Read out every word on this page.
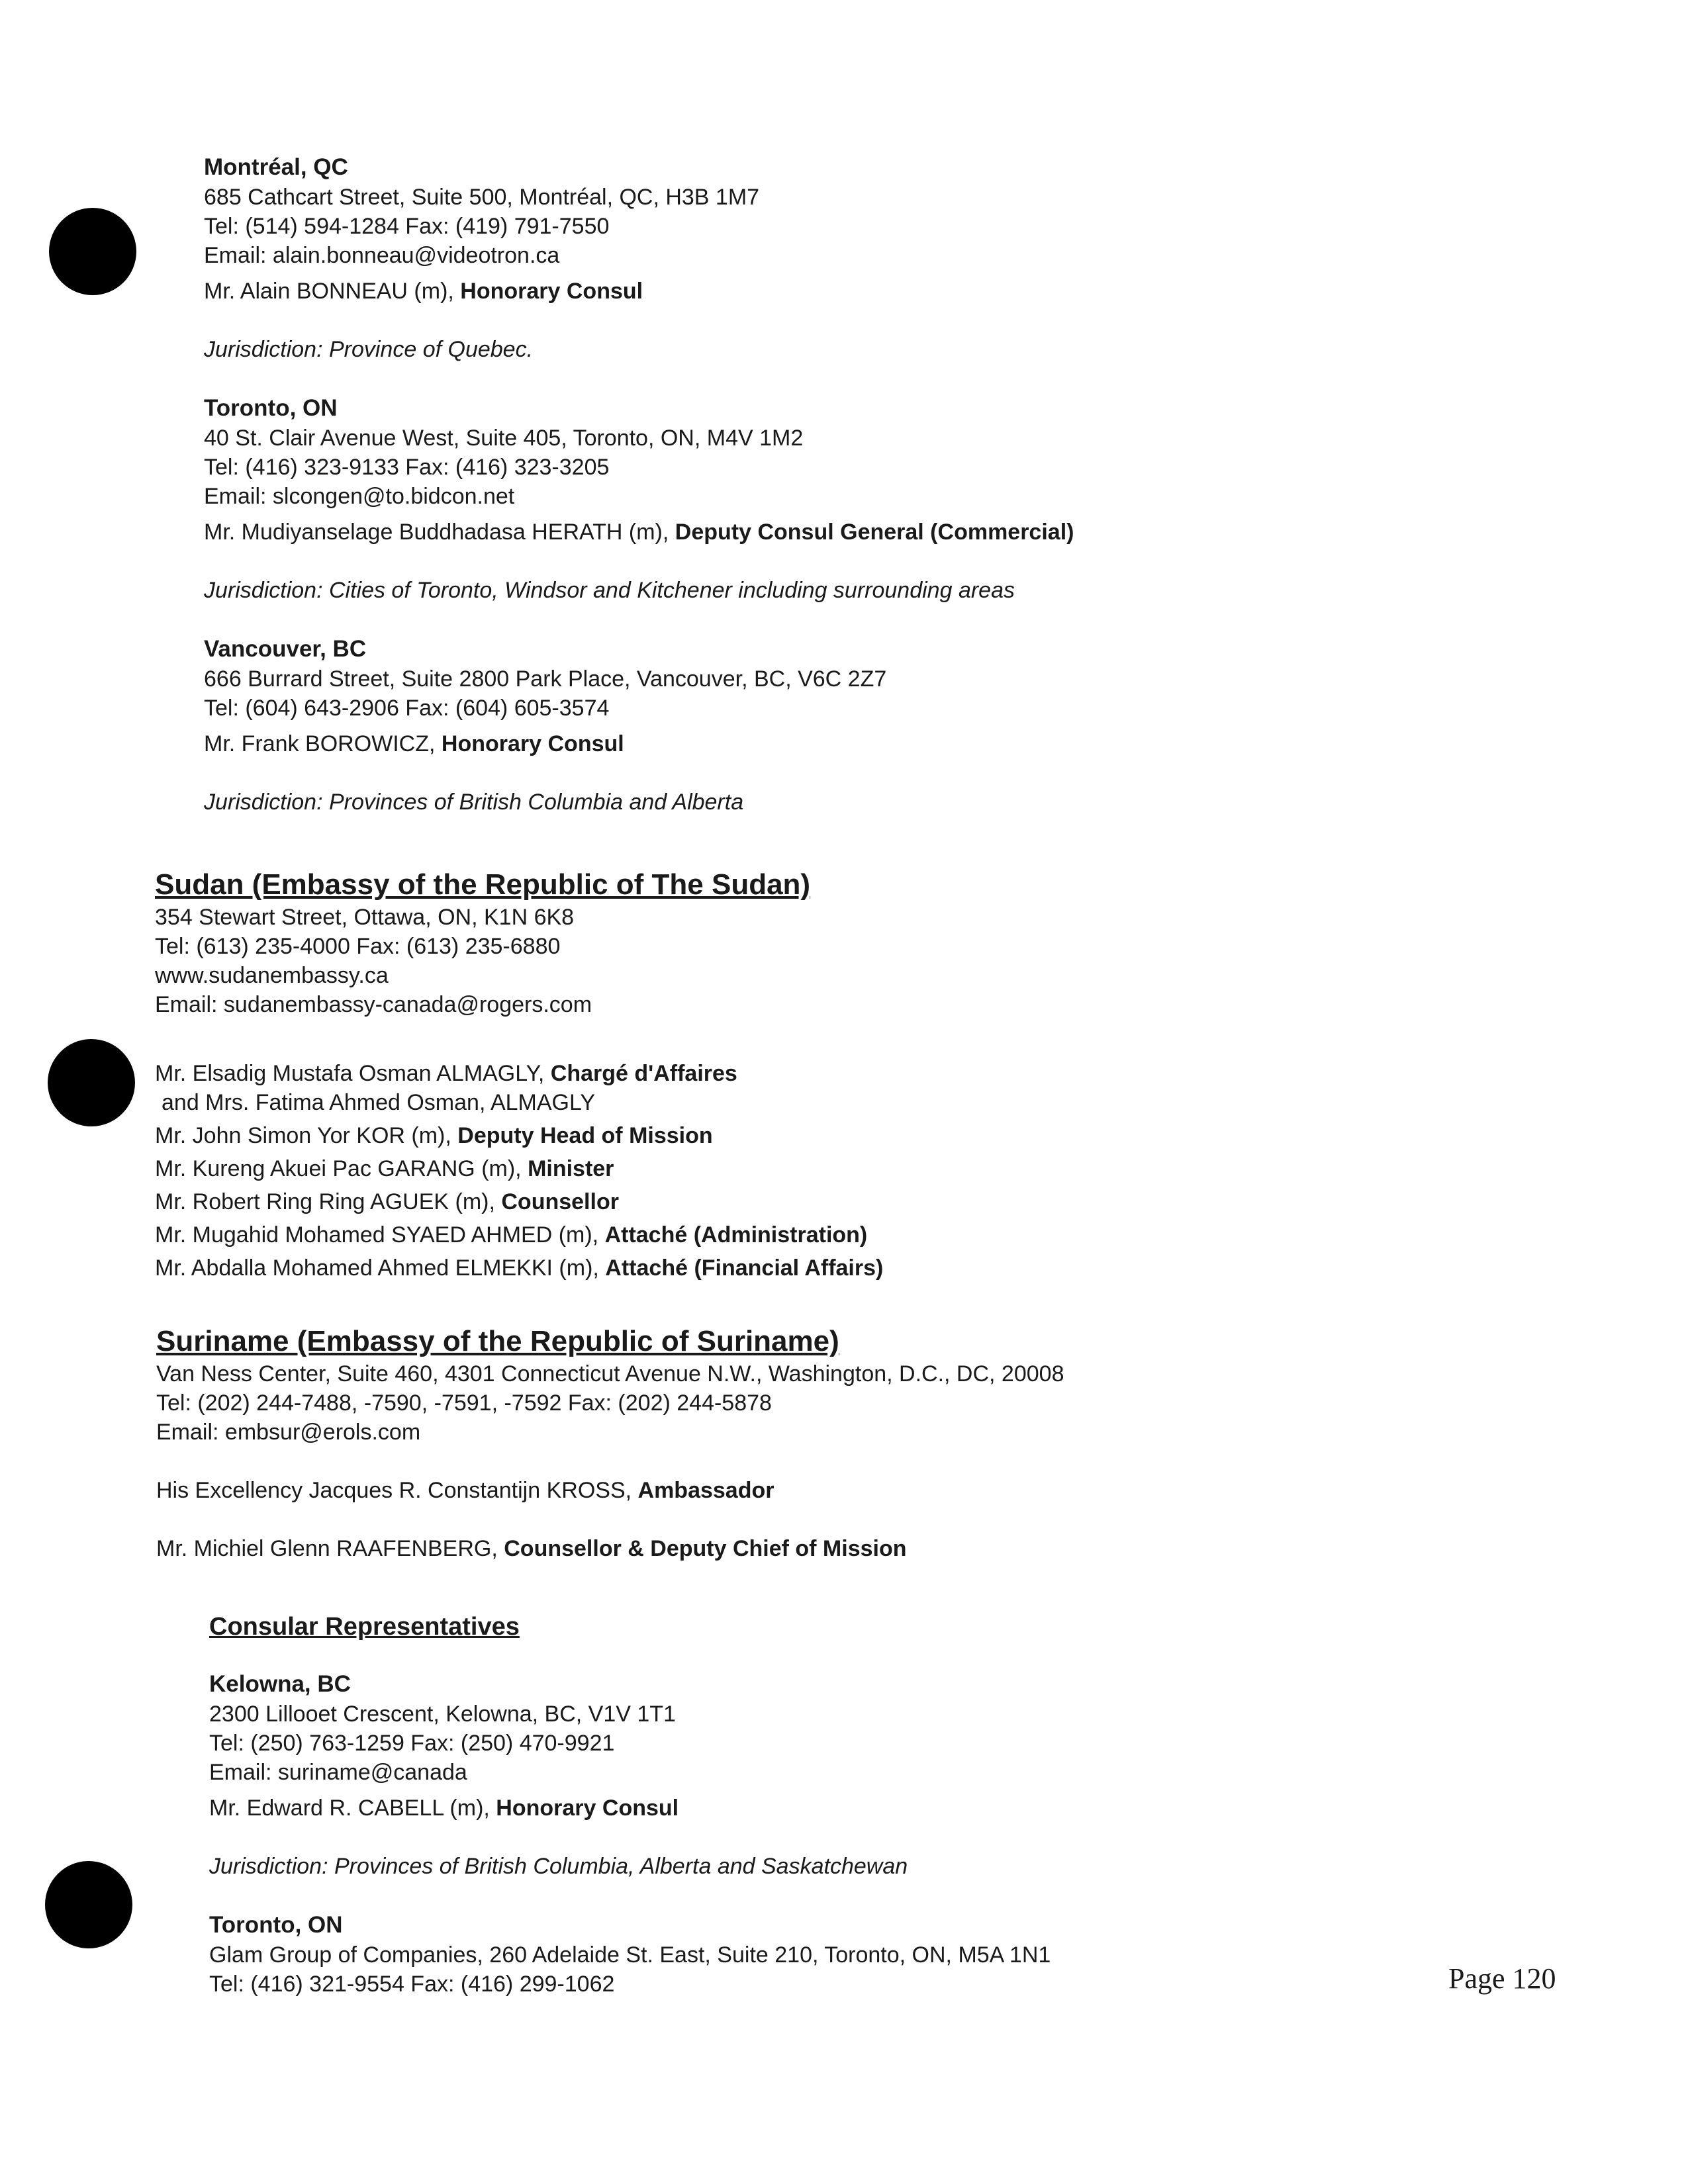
Montréal, QC
685 Cathcart Street, Suite 500, Montréal, QC, H3B 1M7
Tel: (514) 594-1284 Fax: (419) 791-7550
Email: alain.bonneau@videotron.ca
Mr. Alain BONNEAU (m), Honorary Consul
Jurisdiction: Province of Quebec.
Toronto, ON
40 St. Clair Avenue West, Suite 405, Toronto, ON, M4V 1M2
Tel: (416) 323-9133 Fax: (416) 323-3205
Email: slcongen@to.bidcon.net
Mr. Mudiyanselage Buddhadasa HERATH (m), Deputy Consul General (Commercial)
Jurisdiction: Cities of Toronto, Windsor and Kitchener including surrounding areas
Vancouver, BC
666 Burrard Street, Suite 2800 Park Place, Vancouver, BC, V6C 2Z7
Tel: (604) 643-2906 Fax: (604) 605-3574
Mr. Frank BOROWICZ, Honorary Consul
Jurisdiction: Provinces of British Columbia and Alberta
Sudan (Embassy of the Republic of The Sudan)
354 Stewart Street, Ottawa, ON, K1N 6K8
Tel: (613) 235-4000 Fax: (613) 235-6880
www.sudanembassy.ca
Email: sudanembassy-canada@rogers.com
Mr. Elsadig Mustafa Osman ALMAGLY, Chargé d'Affaires
and Mrs. Fatima Ahmed Osman, ALMAGLY
Mr. John Simon Yor KOR (m), Deputy Head of Mission
Mr. Kureng Akuei Pac GARANG (m), Minister
Mr. Robert Ring Ring AGUEK (m), Counsellor
Mr. Mugahid Mohamed SYAED AHMED (m), Attaché (Administration)
Mr. Abdalla Mohamed Ahmed ELMEKKI (m), Attaché (Financial Affairs)
Suriname (Embassy of the Republic of Suriname)
Van Ness Center, Suite 460, 4301 Connecticut Avenue N.W., Washington, D.C., DC, 20008
Tel: (202) 244-7488, -7590, -7591, -7592 Fax: (202) 244-5878
Email: embsur@erols.com
His Excellency Jacques R. Constantijn KROSS, Ambassador
Mr. Michiel Glenn RAAFENBERG, Counsellor & Deputy Chief of Mission
Consular Representatives
Kelowna, BC
2300 Lillooet Crescent, Kelowna, BC, V1V 1T1
Tel: (250) 763-1259 Fax: (250) 470-9921
Email: suriname@canada
Mr. Edward R. CABELL (m), Honorary Consul
Jurisdiction: Provinces of British Columbia, Alberta and Saskatchewan
Toronto, ON
Glam Group of Companies, 260 Adelaide St. East, Suite 210, Toronto, ON, M5A 1N1
Tel: (416) 321-9554 Fax: (416) 299-1062	Page 120
